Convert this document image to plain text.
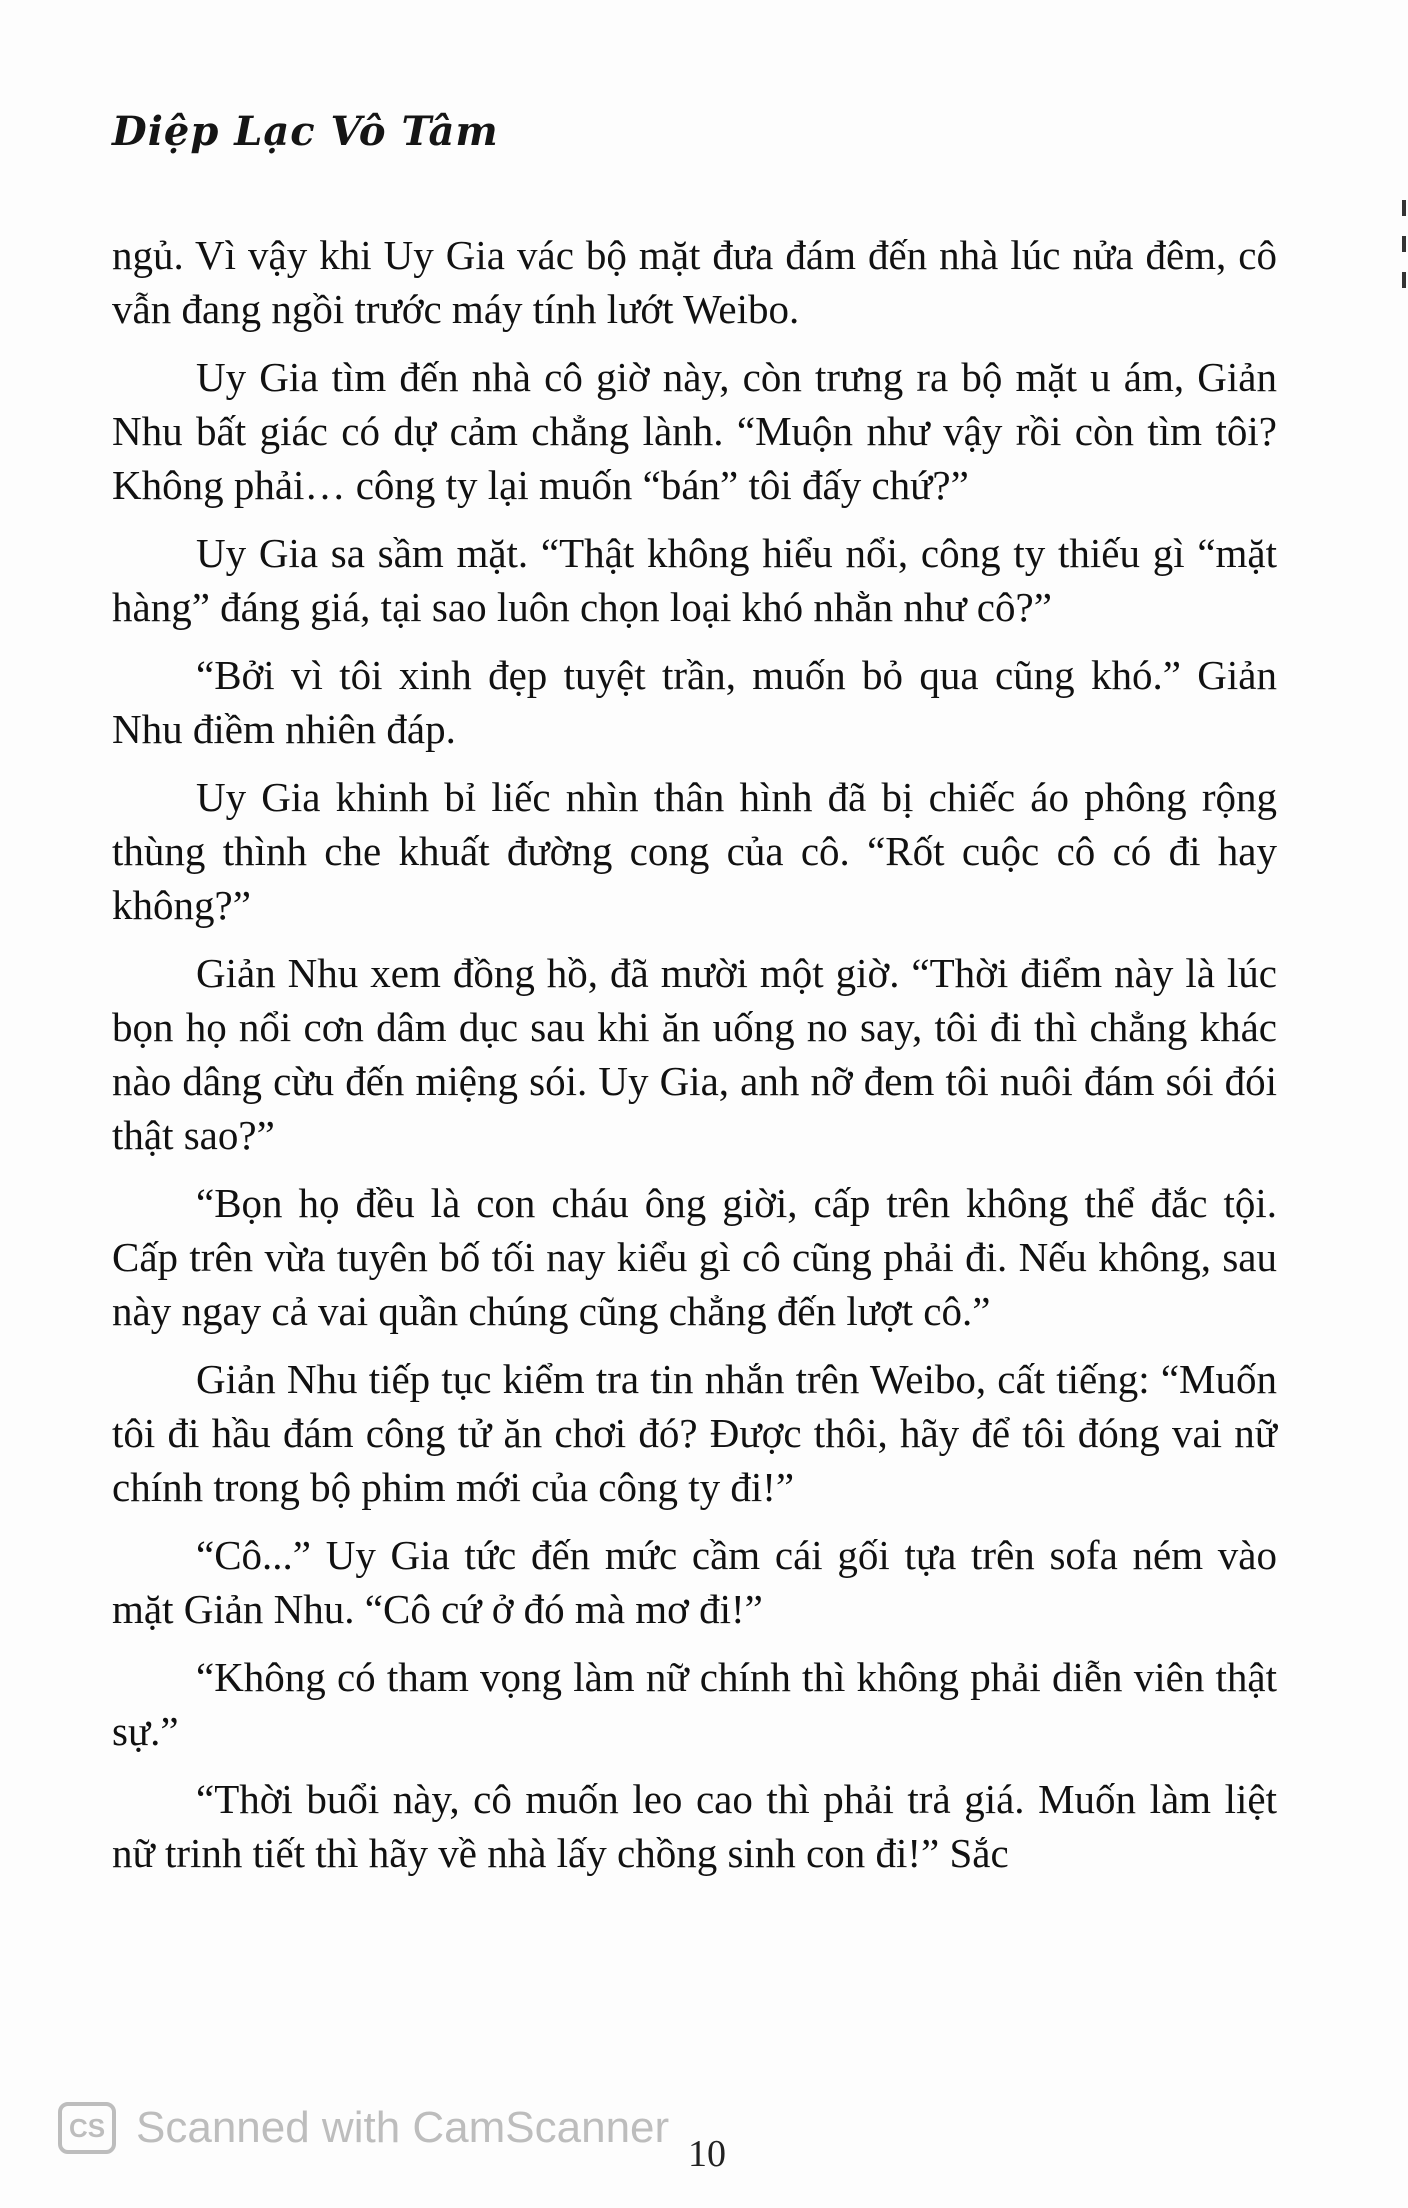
Diệp Lạc Vô Tâm

ngủ. Vì vậy khi Uy Gia vác bộ mặt đưa đám đến nhà lúc nửa đêm, cô vẫn đang ngồi trước máy tính lướt Weibo.

Uy Gia tìm đến nhà cô giờ này, còn trưng ra bộ mặt u ám, Giản Nhu bất giác có dự cảm chẳng lành. “Muộn như vậy rồi còn tìm tôi? Không phải… công ty lại muốn “bán” tôi đấy chứ?”

Uy Gia sa sầm mặt. “Thật không hiểu nổi, công ty thiếu gì “mặt hàng” đáng giá, tại sao luôn chọn loại khó nhằn như cô?”

“Bởi vì tôi xinh đẹp tuyệt trần, muốn bỏ qua cũng khó.” Giản Nhu điềm nhiên đáp.

Uy Gia khinh bỉ liếc nhìn thân hình đã bị chiếc áo phông rộng thùng thình che khuất đường cong của cô. “Rốt cuộc cô có đi hay không?”

Giản Nhu xem đồng hồ, đã mười một giờ. “Thời điểm này là lúc bọn họ nổi cơn dâm dục sau khi ăn uống no say, tôi đi thì chẳng khác nào dâng cừu đến miệng sói. Uy Gia, anh nỡ đem tôi nuôi đám sói đói thật sao?”

“Bọn họ đều là con cháu ông giời, cấp trên không thể đắc tội. Cấp trên vừa tuyên bố tối nay kiểu gì cô cũng phải đi. Nếu không, sau này ngay cả vai quần chúng cũng chẳng đến lượt cô.”

Giản Nhu tiếp tục kiểm tra tin nhắn trên Weibo, cất tiếng: “Muốn tôi đi hầu đám công tử ăn chơi đó? Được thôi, hãy để tôi đóng vai nữ chính trong bộ phim mới của công ty đi!”

“Cô...” Uy Gia tức đến mức cầm cái gối tựa trên sofa ném vào mặt Giản Nhu. “Cô cứ ở đó mà mơ đi!”

“Không có tham vọng làm nữ chính thì không phải diễn viên thật sự.”

“Thời buổi này, cô muốn leo cao thì phải trả giá. Muốn làm liệt nữ trinh tiết thì hãy về nhà lấy chồng sinh con đi!” Sắc

CS Scanned with CamScanner
10
